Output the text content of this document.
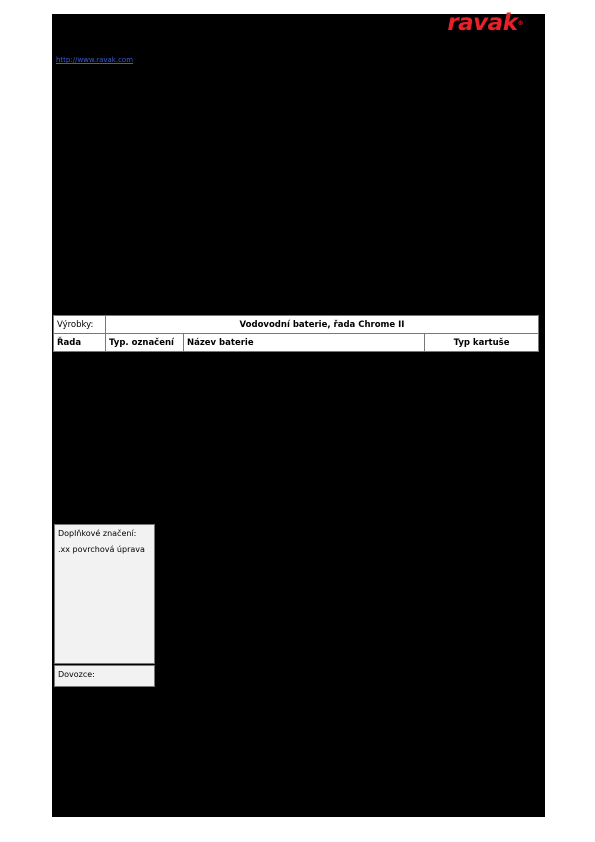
ravak®
http://www.ravak.com
Výrobky:	Vodovodní baterie, řada Chrome II		
Řada	Typ. označení	Název baterie	Typ kartuše
Doplňkové značení:
.xx povrchová úprava
Dovozce:
